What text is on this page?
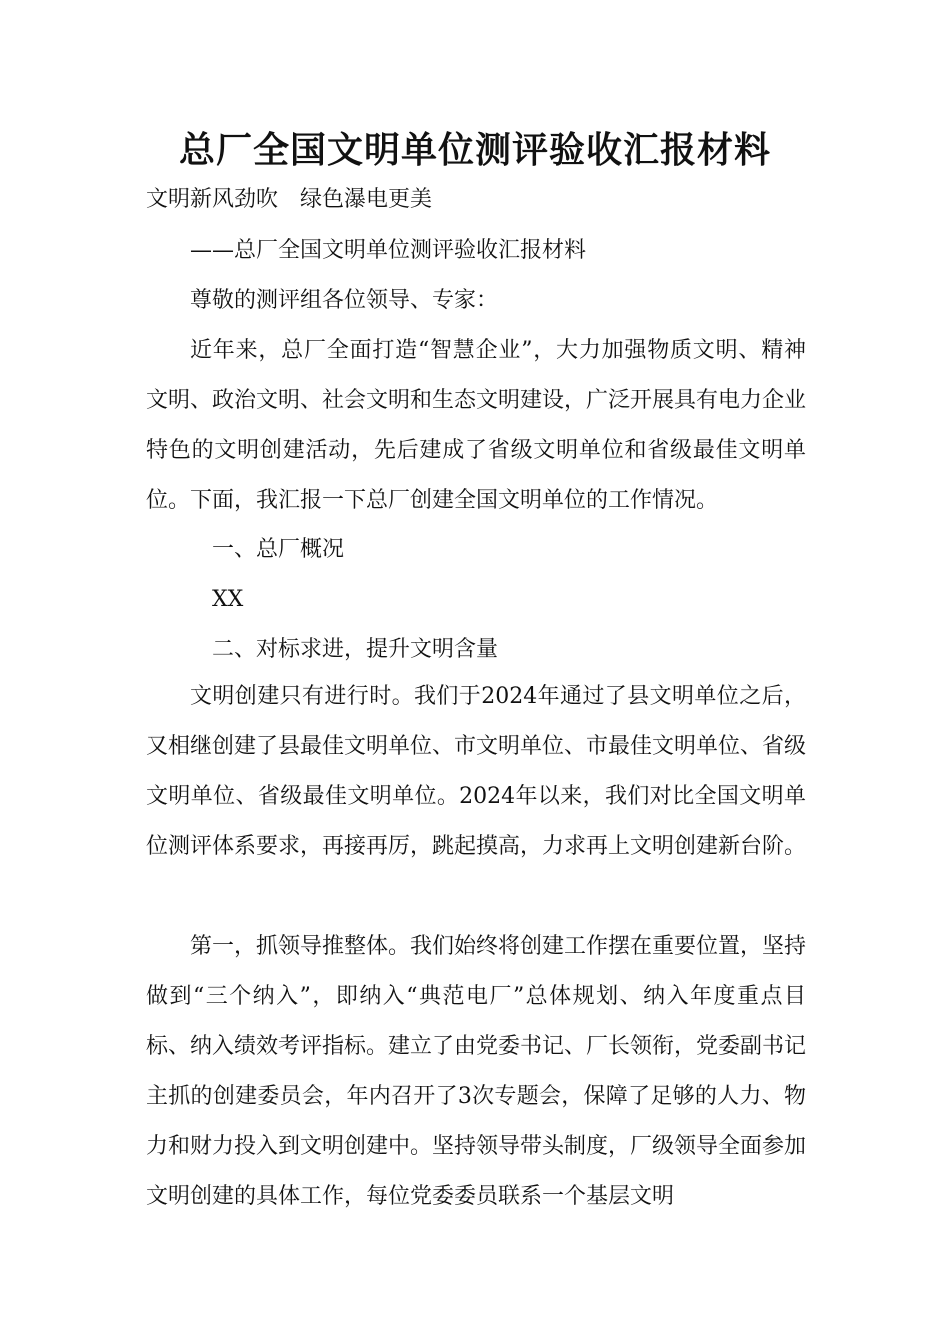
总厂全国文明单位测评验收汇报材料

文明新风劲吹　绿色瀑电更美

——总厂全国文明单位测评验收汇报材料

尊敬的测评组各位领导、专家：

近年来，总厂全面打造“智慧企业”，大力加强物质文明、精神文明、政治文明、社会文明和生态文明建设，广泛开展具有电力企业特色的文明创建活动，先后建成了省级文明单位和省级最佳文明单位。下面，我汇报一下总厂创建全国文明单位的工作情况。

一、总厂概况

XX

二、对标求进，提升文明含量

文明创建只有进行时。我们于2024年通过了县文明单位之后，又相继创建了县最佳文明单位、市文明单位、市最佳文明单位、省级文明单位、省级最佳文明单位。2024年以来，我们对比全国文明单位测评体系要求，再接再厉，跳起摸高，力求再上文明创建新台阶。

第一，抓领导推整体。我们始终将创建工作摆在重要位置，坚持做到“三个纳入”，即纳入“典范电厂”总体规划、纳入年度重点目标、纳入绩效考评指标。建立了由党委书记、厂长领衔，党委副书记主抓的创建委员会，年内召开了3次专题会，保障了足够的人力、物力和财力投入到文明创建中。坚持领导带头制度，厂级领导全面参加文明创建的具体工作，每位党委委员联系一个基层文明
